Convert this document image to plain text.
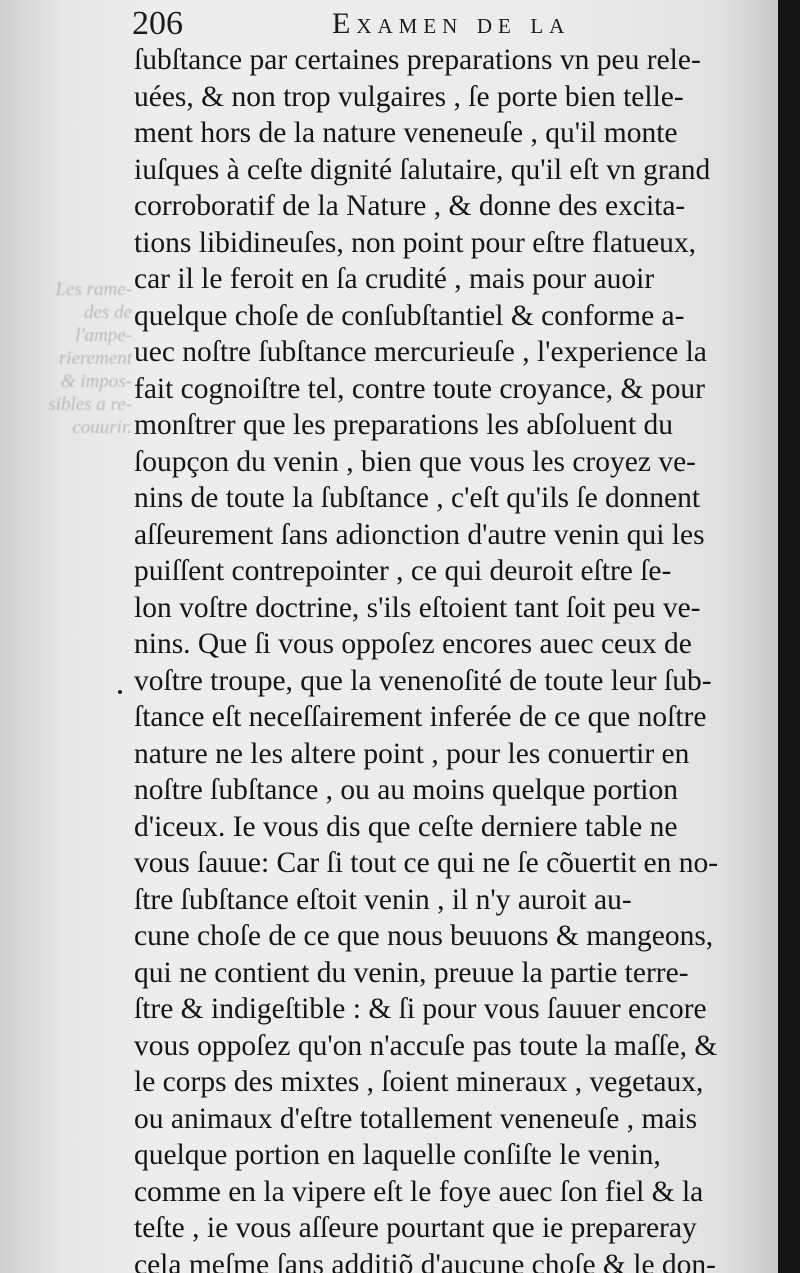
206	Examen de la
Les rame-
des de
l'ampe-
rierement
& impos-
sibles a re-
couurir.
ſubſtance par certaines preparations vn peu rele-
uées, & non trop vulgaires , ſe porte bien telle-
ment hors de la nature veneneuſe , qu'il monte
iuſques à ceſte dignité ſalutaire, qu'il eſt vn grand
corroboratif de la Nature , & donne des excita-
tions libidineuſes, non point pour eſtre flatueux,
car il le feroit en ſa crudité , mais pour auoir
quelque choſe de conſubſtantiel & conforme a-
uec noſtre ſubſtance mercurieuſe , l'experience la
fait cognoiſtre tel, contre toute croyance, & pour
monſtrer que les preparations les abſoluent du
ſoupçon du venin , bien que vous les croyez ve-
nins de toute la ſubſtance , c'eſt qu'ils ſe donnent
aſſeurement ſans adionction d'autre venin qui les
puiſſent contrepointer , ce qui deuroit eſtre ſe-
lon voſtre doctrine, s'ils eſtoient tant ſoit peu ve-
nins. Que ſi vous oppoſez encores auec ceux de
voſtre troupe, que la venenoſité de toute leur ſub-
ſtance eſt neceſſairement inferée de ce que noſtre
nature ne les altere point , pour les conuertir en
noſtre ſubſtance , ou au moins quelque portion
d'iceux. Ie vous dis que ceſte derniere table ne
vous ſauue: Car ſi tout ce qui ne ſe cõuertit en no-
ſtre ſubſtance eſtoit venin , il n'y auroit au-
cune choſe de ce que nous beuuons & mangeons,
qui ne contient du venin, preuue la partie terre-
ſtre & indigeſtible : & ſi pour vous ſauuer encore
vous oppoſez qu'on n'accuſe pas toute la maſſe, &
le corps des mixtes , ſoient mineraux , vegetaux,
ou animaux d'eſtre totallement veneneuſe , mais
quelque portion en laquelle conſiſte le venin,
comme en la vipere eſt le foye auec ſon fiel & la
teſte , ie vous aſſeure pourtant que ie prepareray
cela meſme ſans additiõ d'aucune choſe & le don-
